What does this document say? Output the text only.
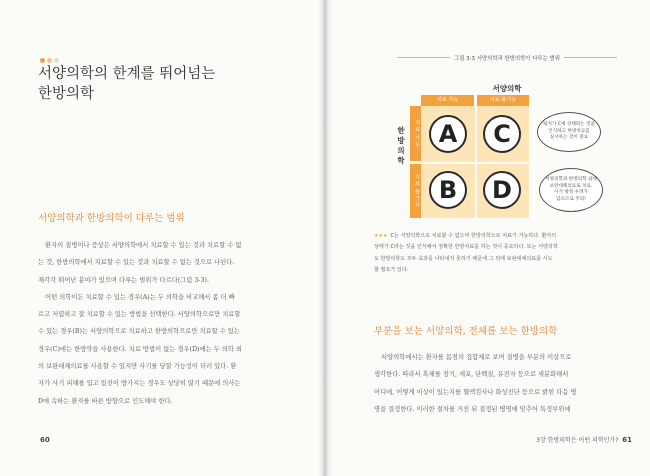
서양의학의 한계를 뛰어넘는
한방의학
서양의학과 한방의학이 다루는 범위
환자의 질병이나 증상은 서양의학에서 치료할 수 있는 것과 치료할 수 없
는 것, 한방의학에서 치료할 수 있는 것과 치료할 수 없는 것으로 나뉜다.
재각각 뛰어난 분야가 있으며 다루는 범위가 다르다(그림 3-3).
어떤 의학이든 치료할 수 있는 경우(A)는 두 의학을 비교해서 좀 더 빠
르고 저렴하고 잘 치료할 수 있는 방법을 선택한다. 서양의학으로만 치료할
수 있는 경우(B)는 서양의학으로 치료하고 한방의학으로만 치료할 수 있는
경우(C)에는 한방약을 사용한다. 치료 방법이 없는 경우(D)에는 두 의학 외
의 보완대체의료를 사용할 수 있지만 사기를 당할 가능성이 더러 있다. 환
자가 사기 피해를 입고 있진이 방가지는 경우도 상당히 많기 때문에 의사는
D에 속하는 환자를 바른 방향으로 인도해야 한다.
60
그림 3-3 서양의학과 한방의학이 다루는 범위
서양의학
한
방
의
학
치료 가능	치료 불가능
치료 가능
치료 불가능
A	C
B	D
평지가 C에 상태라는 것을
인식하고 한방치료를
실시하는 것이 중요
서양의학과 한방의학 외에
보완대체의료로 치료.
사기 방정 우려가
있으므로 주의!
★★★ C는 서양의학으로 치료할 수 없으며 한방의학으로 치료가 가능하다. 환자의
상태가 C라는 것을 인식해서 정확한 한방치료를 하는 것이 중요하다. 또는 서양의학
도 한방의학도 모두 효과를 나타내지 못하기 때문에 그 외에 보완대체의료를 시도
할 필요가 있다.
부분을 보는 서양의학, 전체를 보는 한방의학
서양의학에서는 환자를 몸점의 집합체로 보며 질병을 부분의 이상으로
생각한다. 따라서 혹체를 장기, 세포, 단백질, 유전자 등으로 세분화해서
어디에, 어떻게 이상이 있는지를 혈액검사나 화상진단 등으로 밝힌 다음 병
명을 결정한다. 이러한 절차를 거친 뒤 결정된 병명에 맞추어 특정부위에
3장 한방의학은 어떤 의학인가? 61
